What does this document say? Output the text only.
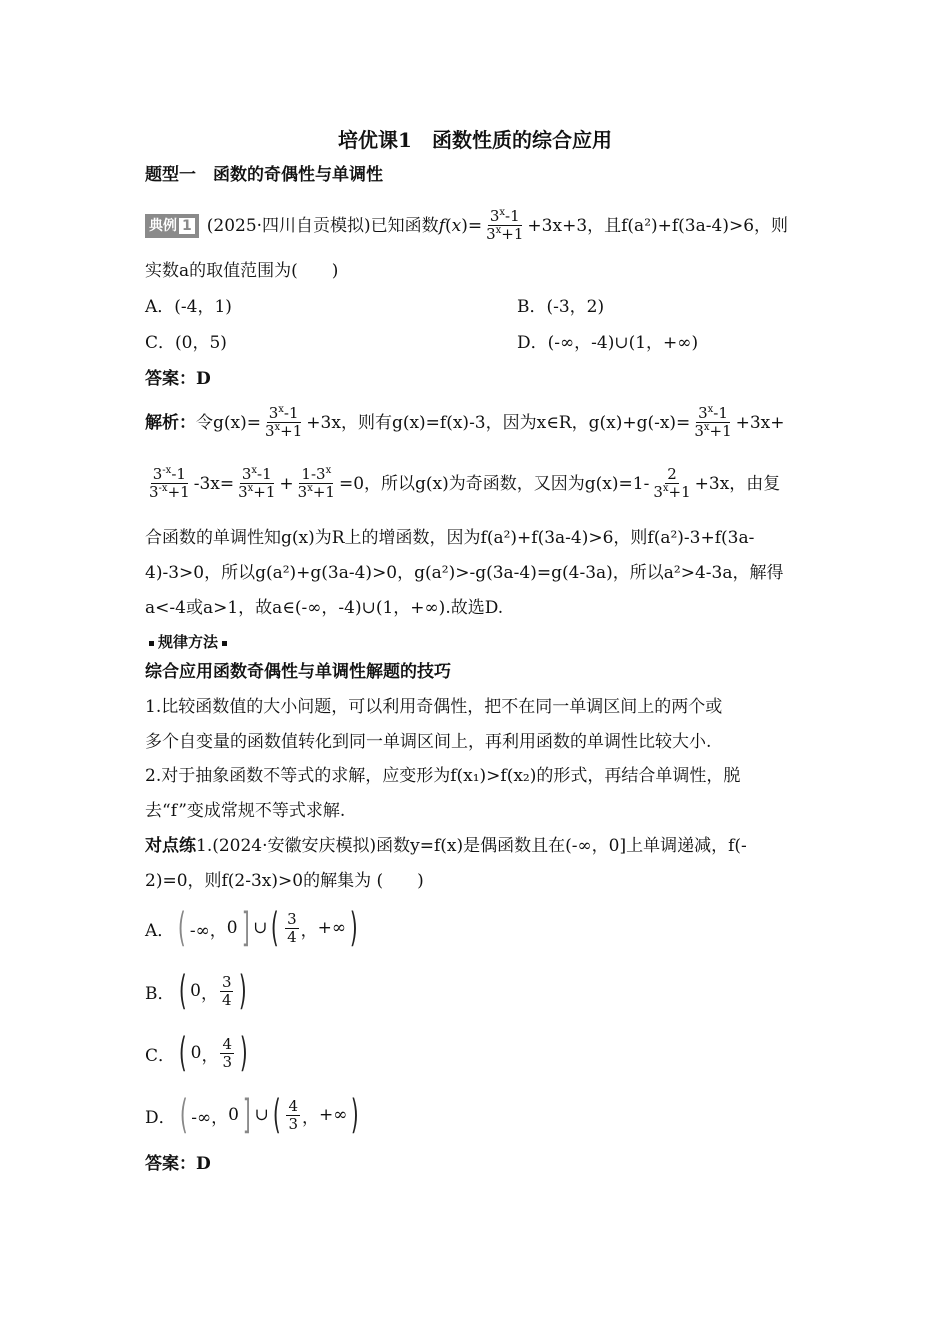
培优课1　函数性质的综合应用
题型一　函数的奇偶性与单调性
典例 1 (2025·四川自贡模拟)已知函数 $f(x)= \frac{3^x-1}{3^x+1} +3x+3$，且f(a²)+f(3a-4)>6，则
实数a的取值范围为(　　)
A．(-4，1)	B．(-3，2)
C．(0，5)	D．(-∞，-4)∪(1，+∞)
答案：D
解析： 令$g(x)= \frac{3^x-1}{3^x+1} +3x$，则有g(x)=f(x)-3，因为x∈R，$g(x)+g(-x)= \frac{3^x-1}{3^x+1} +3x+$
$\frac{3^{-x}-1}{3^{-x}+1} -3x= \frac{3^x-1}{3^x+1} + \frac{1-3^x}{3^x+1} =0$，所以g(x)为奇函数，又因为$g(x)=1- \frac{2}{3^x+1} +3x$，由复
合函数的单调性知g(x)为R上的增函数，因为f(a²)+f(3a-4)>6，则f(a²)-3+f(3a-
4)-3>0，所以g(a²)+g(3a-4)>0，g(a²)>-g(3a-4)=g(4-3a)，所以a²>4-3a，解得
a<-4或a>1，故a∈(-∞，-4)∪(1，+∞).故选D.
规律方法
综合应用函数奇偶性与单调性解题的技巧
1.比较函数值的大小问题，可以利用奇偶性，把不在同一单调区间上的两个或
多个自变量的函数值转化到同一单调区间上，再利用函数的单调性比较大小.
2.对于抽象函数不等式的求解，应变形为f(x₁)>f(x₂)的形式，再结合单调性，脱
去“f”变成常规不等式求解.
对点练1.(2024·安徽安庆模拟)函数y=f(x)是偶函数且在(-∞，0]上单调递减，f(-
2)=0，则f(2-3x)>0的解集为 (　　)
A． ( -∞， 0 ] ∪ ( $\frac{3}{4}$ ， +∞ )
B． ( 0 ， $\frac{3}{4}$ )
C． ( 0 ， $\frac{4}{3}$ )
D． ( -∞， 0 ] ∪ ( $\frac{4}{3}$ ， +∞ )
答案：D
